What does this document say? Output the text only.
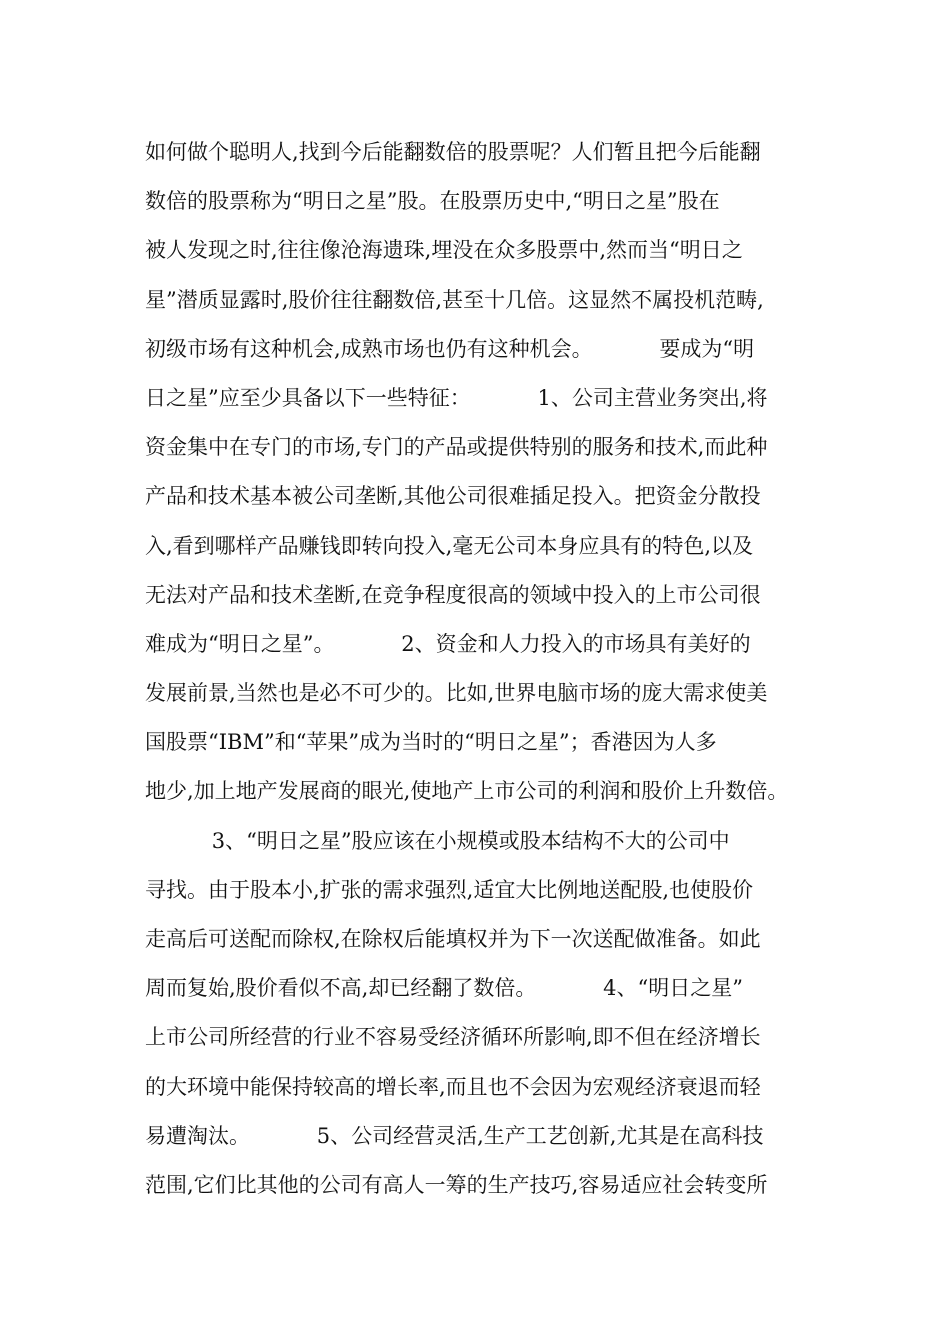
如何做个聪明人,找到今后能翻数倍的股票呢？人们暂且把今后能翻
数倍的股票称为“明日之星”股。在股票历史中,“明日之星”股在
被人发现之时,往往像沧海遗珠,埋没在众多股票中,然而当“明日之
星”潜质显露时,股价往往翻数倍,甚至十几倍。这显然不属投机范畴,
初级市场有这种机会,成熟市场也仍有这种机会。          要成为“明
日之星”应至少具备以下一些特征：          1、公司主营业务突出,将
资金集中在专门的市场,专门的产品或提供特别的服务和技术,而此种
产品和技术基本被公司垄断,其他公司很难插足投入。把资金分散投
入,看到哪样产品赚钱即转向投入,毫无公司本身应具有的特色,以及
无法对产品和技术垄断,在竞争程度很高的领域中投入的上市公司很
难成为“明日之星”。          2、资金和人力投入的市场具有美好的
发展前景,当然也是必不可少的。比如,世界电脑市场的庞大需求使美
国股票“IBM”和“苹果”成为当时的“明日之星”；香港因为人多
地少,加上地产发展商的眼光,使地产上市公司的利润和股价上升数倍。
3、“明日之星”股应该在小规模或股本结构不大的公司中
寻找。由于股本小,扩张的需求强烈,适宜大比例地送配股,也使股价
走高后可送配而除权,在除权后能填权并为下一次送配做准备。如此
周而复始,股价看似不高,却已经翻了数倍。          4、“明日之星”
上市公司所经营的行业不容易受经济循环所影响,即不但在经济增长
的大环境中能保持较高的增长率,而且也不会因为宏观经济衰退而轻
易遭淘汰。          5、公司经营灵活,生产工艺创新,尤其是在高科技
范围,它们比其他的公司有高人一筹的生产技巧,容易适应社会转变所
